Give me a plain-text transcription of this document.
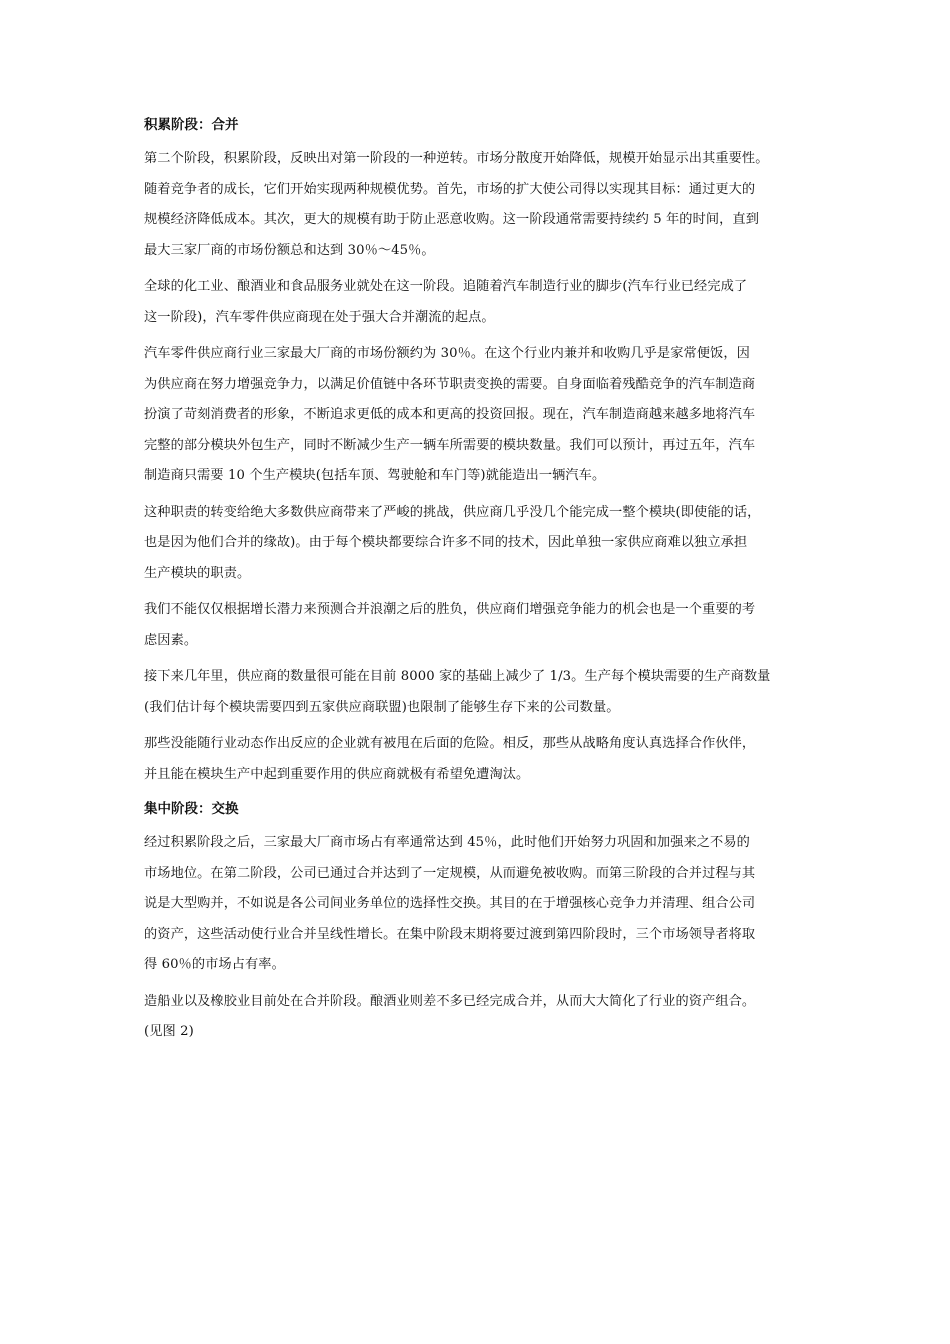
积累阶段：合并
第二个阶段，积累阶段，反映出对第一阶段的一种逆转。市场分散度开始降低，规模开始显示出其重要性。
随着竞争者的成长，它们开始实现两种规模优势。首先，市场的扩大使公司得以实现其目标：通过更大的
规模经济降低成本。其次，更大的规模有助于防止恶意收购。这一阶段通常需要持续约 5 年的时间，直到
最大三家厂商的市场份额总和达到 30％～45％。
全球的化工业、酿酒业和食品服务业就处在这一阶段。追随着汽车制造行业的脚步(汽车行业已经完成了
这一阶段)，汽车零件供应商现在处于强大合并潮流的起点。
汽车零件供应商行业三家最大厂商的市场份额约为 30％。在这个行业内兼并和收购几乎是家常便饭，因
为供应商在努力增强竞争力，以满足价值链中各环节职责变换的需要。自身面临着残酷竞争的汽车制造商
扮演了苛刻消费者的形象，不断追求更低的成本和更高的投资回报。现在，汽车制造商越来越多地将汽车
完整的部分模块外包生产，同时不断减少生产一辆车所需要的模块数量。我们可以预计，再过五年，汽车
制造商只需要 10 个生产模块(包括车顶、驾驶舱和车门等)就能造出一辆汽车。
这种职责的转变给绝大多数供应商带来了严峻的挑战，供应商几乎没几个能完成一整个模块(即使能的话，
也是因为他们合并的缘故)。由于每个模块都要综合许多不同的技术，因此单独一家供应商难以独立承担
生产模块的职责。
我们不能仅仅根据增长潜力来预测合并浪潮之后的胜负，供应商们增强竞争能力的机会也是一个重要的考
虑因素。
接下来几年里，供应商的数量很可能在目前 8000 家的基础上减少了 1/3。生产每个模块需要的生产商数量
(我们估计每个模块需要四到五家供应商联盟)也限制了能够生存下来的公司数量。
那些没能随行业动态作出反应的企业就有被甩在后面的危险。相反，那些从战略角度认真选择合作伙伴，
并且能在模块生产中起到重要作用的供应商就极有希望免遭淘汰。
集中阶段：交换
经过积累阶段之后，三家最大厂商市场占有率通常达到 45％，此时他们开始努力巩固和加强来之不易的
市场地位。在第二阶段，公司已通过合并达到了一定规模，从而避免被收购。而第三阶段的合并过程与其
说是大型购并，不如说是各公司间业务单位的选择性交换。其目的在于增强核心竞争力并清理、组合公司
的资产，这些活动使行业合并呈线性增长。在集中阶段末期将要过渡到第四阶段时，三个市场领导者将取
得 60％的市场占有率。
造船业以及橡胶业目前处在合并阶段。酿酒业则差不多已经完成合并，从而大大简化了行业的资产组合。
(见图 2)
